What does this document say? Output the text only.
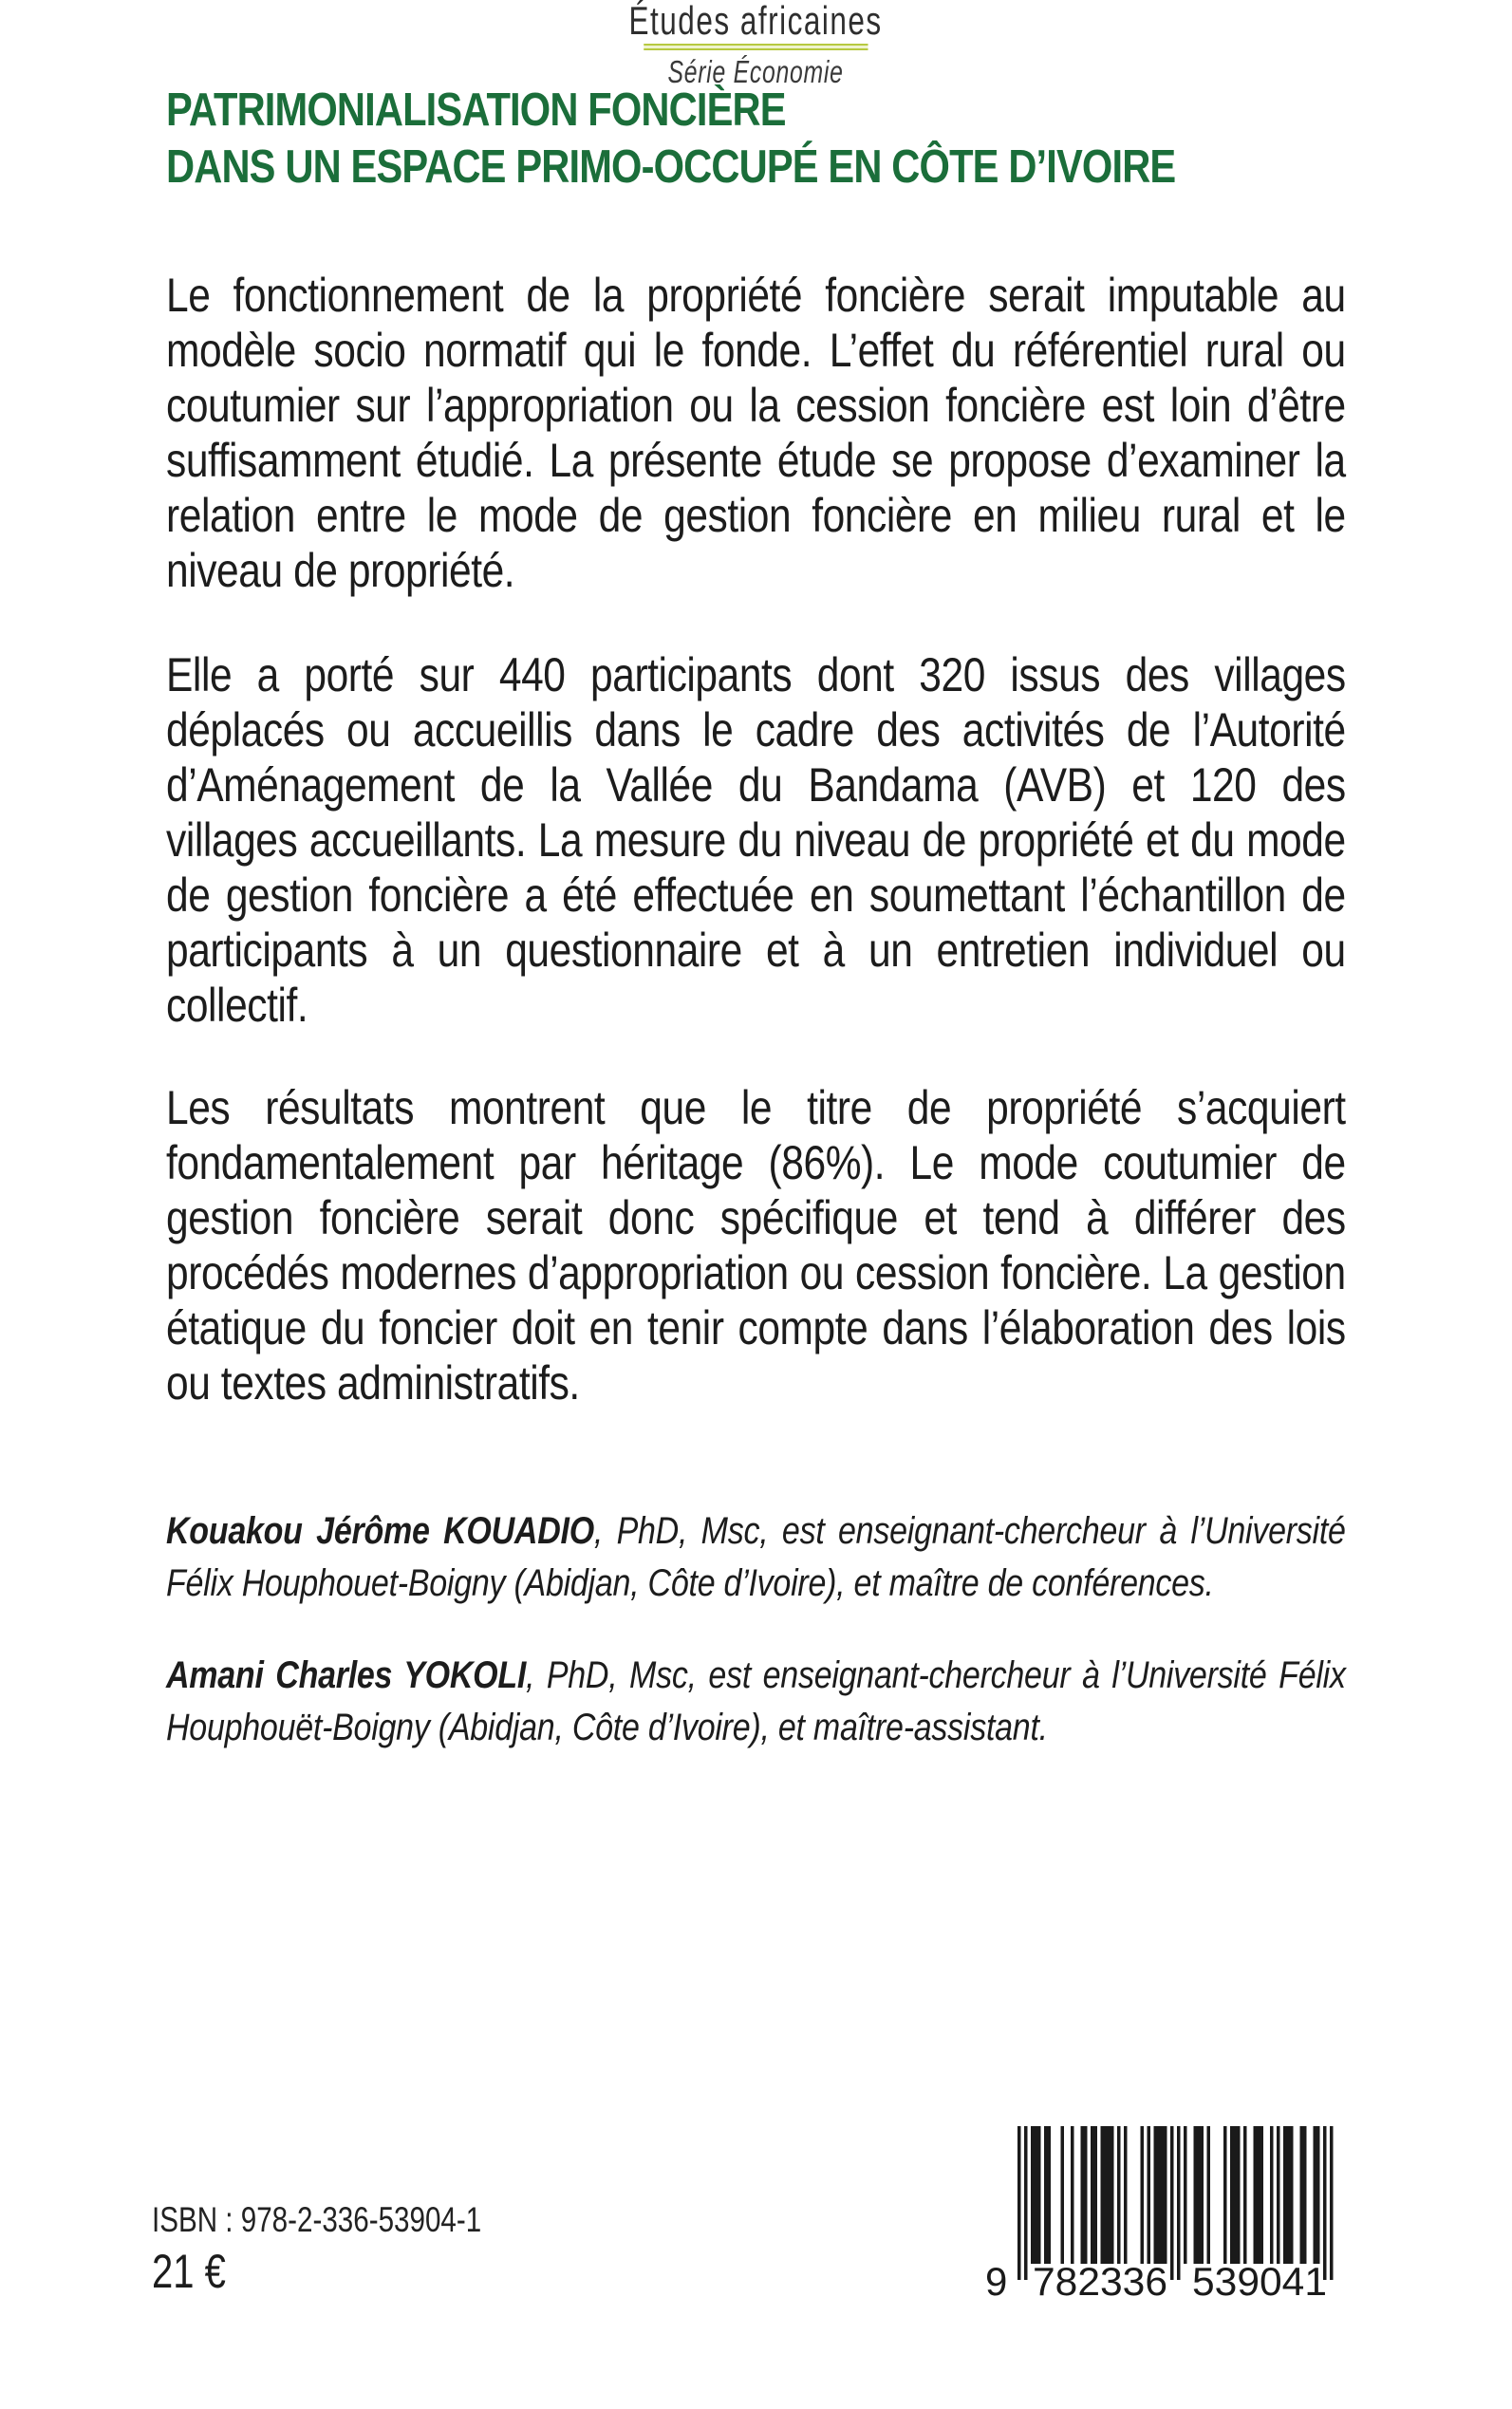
PATRIMONIALISATION FONCIÈRE
DANS UN ESPACE PRIMO-OCCUPÉ EN CÔTE D’IVOIRE

Le fonctionnement de la propriété foncière serait imputable au modèle socio normatif qui le fonde. L’effet du référentiel rural ou coutumier sur l’appropriation ou la cession foncière est loin d’être suffisamment étudié. La présente étude se propose d’examiner la relation entre le mode de gestion foncière en milieu rural et le niveau de propriété.

Elle a porté sur 440 participants dont 320 issus des villages déplacés ou accueillis dans le cadre des activités de l’Autorité d’Aménagement de la Vallée du Bandama (AVB) et 120 des villages accueillants. La mesure du niveau de propriété et du mode de gestion foncière a été effectuée en soumettant l’échantillon de participants à un questionnaire et à un entretien individuel ou collectif.

Les résultats montrent que le titre de propriété s’acquiert fondamentalement par héritage (86%). Le mode coutumier de gestion foncière serait donc spécifique et tend à différer des procédés modernes d’appropriation ou cession foncière. La gestion étatique du foncier doit en tenir compte dans l’élaboration des lois ou textes administratifs.

Kouakou Jérôme KOUADIO, PhD, Msc, est enseignant-chercheur à l’Université Félix Houphouet-Boigny (Abidjan, Côte d’Ivoire), et maître de conférences.

Amani Charles YOKOLI, PhD, Msc, est enseignant-chercheur à l’Université Félix Houphouët-Boigny (Abidjan, Côte d’Ivoire), et maître-assistant.

Études africaines
Série Économie
ISBN : 978-2-336-53904-1
21 €	9 782336 539041
